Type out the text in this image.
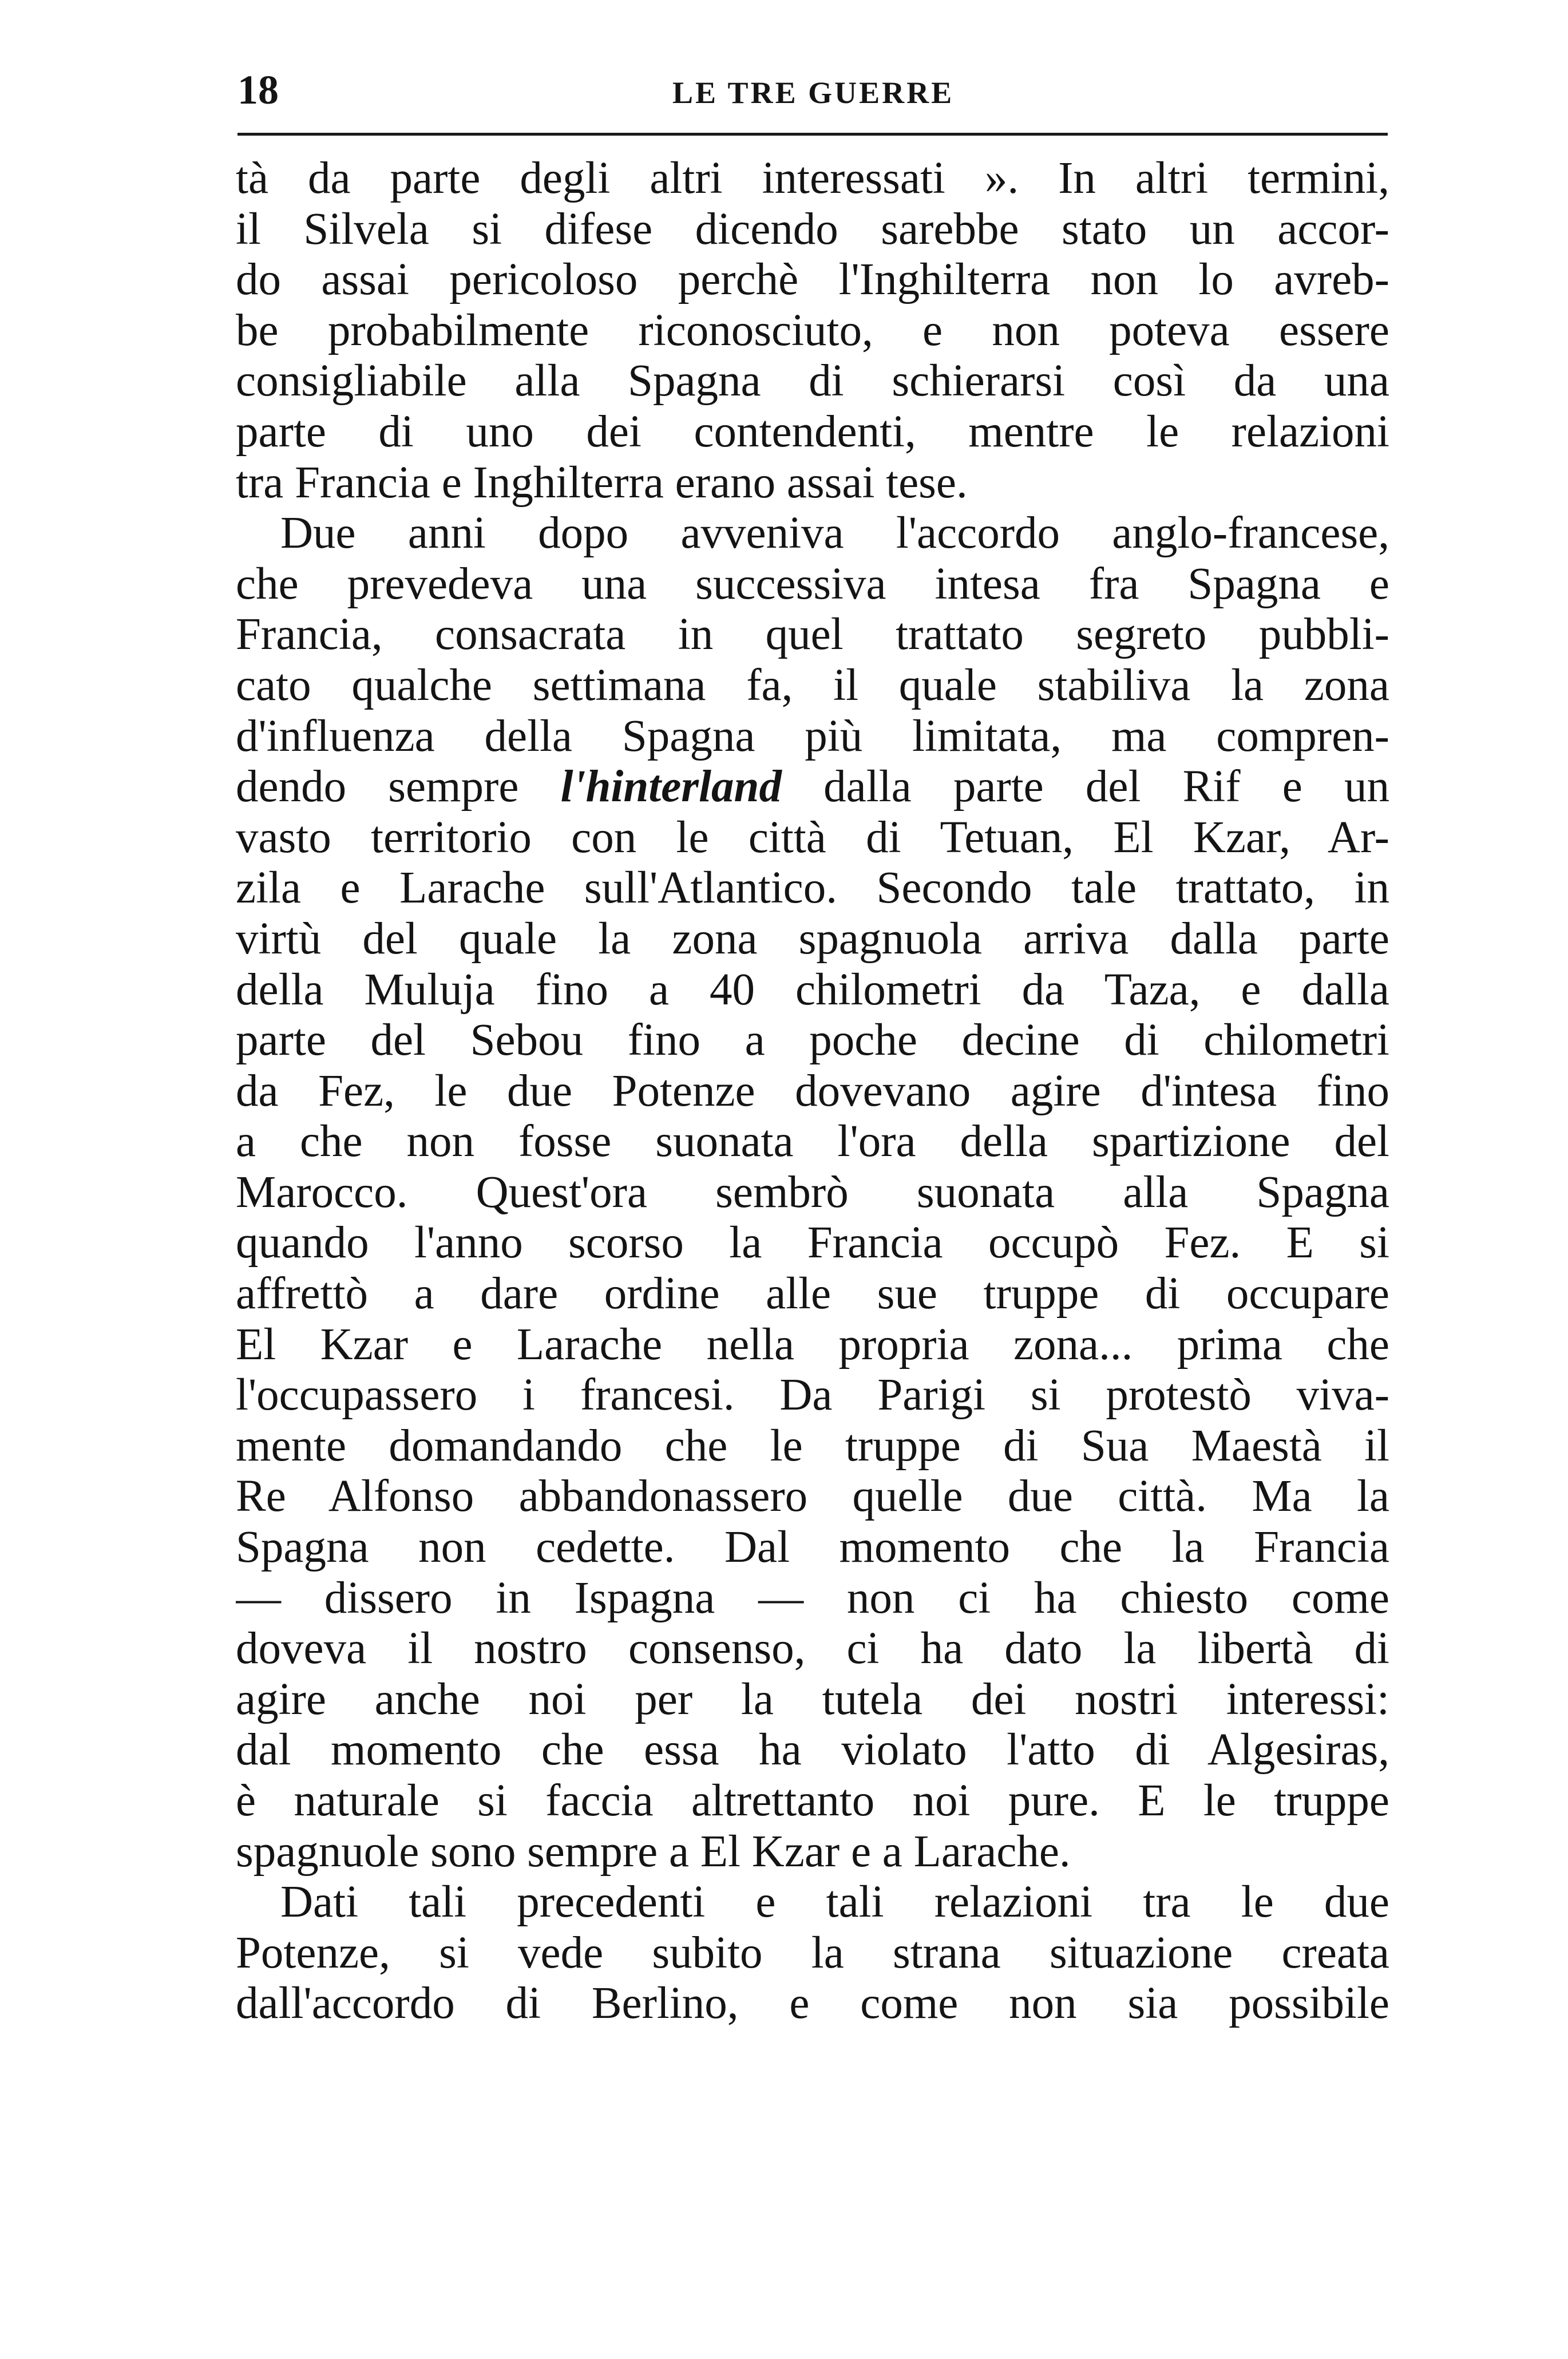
18	LE TRE GUERRE
tà da parte degli altri interessati ». In altri termini,
il Silvela si difese dicendo sarebbe stato un accor-
do assai pericoloso perchè l'Inghilterra non lo avreb-
be probabilmente riconosciuto, e non poteva essere
consigliabile alla Spagna di schierarsi così da una
parte di uno dei contendenti, mentre le relazioni
tra Francia e Inghilterra erano assai tese.
Due anni dopo avveniva l'accordo anglo-francese,
che prevedeva una successiva intesa fra Spagna e
Francia, consacrata in quel trattato segreto pubbli-
cato qualche settimana fa, il quale stabiliva la zona
d'influenza della Spagna più limitata, ma compren-
dendo sempre l'hinterland dalla parte del Rif e un
vasto territorio con le città di Tetuan, El Kzar, Ar-
zila e Larache sull'Atlantico. Secondo tale trattato, in
virtù del quale la zona spagnuola arriva dalla parte
della Muluja fino a 40 chilometri da Taza, e dalla
parte del Sebou fino a poche decine di chilometri
da Fez, le due Potenze dovevano agire d'intesa fino
a che non fosse suonata l'ora della spartizione del
Marocco. Quest'ora sembrò suonata alla Spagna
quando l'anno scorso la Francia occupò Fez. E si
affrettò a dare ordine alle sue truppe di occupare
El Kzar e Larache nella propria zona... prima che
l'occupassero i francesi. Da Parigi si protestò viva-
mente domandando che le truppe di Sua Maestà il
Re Alfonso abbandonassero quelle due città. Ma la
Spagna non cedette. Dal momento che la Francia
— dissero in Ispagna — non ci ha chiesto come
doveva il nostro consenso, ci ha dato la libertà di
agire anche noi per la tutela dei nostri interessi:
dal momento che essa ha violato l'atto di Algesiras,
è naturale si faccia altrettanto noi pure. E le truppe
spagnuole sono sempre a El Kzar e a Larache.
Dati tali precedenti e tali relazioni tra le due
Potenze, si vede subito la strana situazione creata
dall'accordo di Berlino, e come non sia possibile
